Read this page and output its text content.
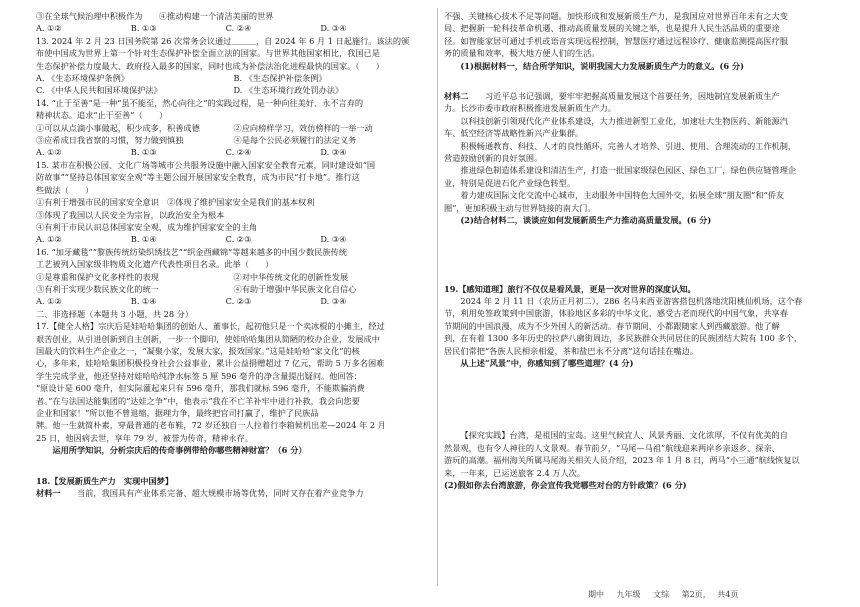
③在全球气候治理中积极作为　　④推动构建一个清洁美丽的世界

A. ①②	B. ①③	C. ②④	D. ③④

13. 2024 年 2 月 23 日国务院第 26 次常务会议通过＿＿＿，自 2024 年 6 月 1 日起施行。该法的颁

布使中国成为世界上第一个针对生态保护补偿全面立法的国家。与世界其他国家相比，我国已是

生态保护补偿力度最大、政府投入最多的国家，同时也成为补偿法治化进程最快的国家。（　　）

A. 《生态环境保护条例》	B. 《生态保护补偿条例》
C. 《中华人民共和国环境保护法》	D. 《生态环境行政处罚办法》

14. “止于至善”是一种“虽不能至，然心向往之”的实践过程，是一种向往美好、永不言弃的

精神状态。追求“止于至善”（　　）

①可以从点滴小事做起，积少成多，积善成德	②应向榜样学习，效仿榜样的一举一动
③应希成日我省察的习惯，努力做到慎独	④是每个公民必须履行的法定义务
A. ①②	B. ①③	C. ②④	D. ③④

15. 某市在积极公园、文化广场等城市公共服务设施中融入国家安全教育元素，同时建设如“国

防故事”“坚持总体国家安全观”等主题公园开展国家安全教育，成为市民“打卡地”。推行这

些做法（　　）

①有利于增强市民的国家安全意识　②体现了维护国家安全是我们的基本权利

③体现了我国以人民安全为宗旨，以政治安全为根本

④有利于市民认识总体国家安全观，成为维护国家安全的主角

A. ①②	B. ①④	C. ②③	D. ③④

16. “加牙藏毯”“黎族传统纺染织绣技艺”“织金酉藏锦”等越来越多的中国少数民族传统

工艺被列入国家级非物质文化遗产代表性项目名录。此举（　　）

①是尊重和保护文化多样性的表现	②对中华传统文化的创新性发展
③有利于实现少数民族文化的统一	④有助于增强中华民族文化自信心
A. ①②	B. ①④	C. ②③	D. ③④

二、非选择题（本题共 3 小题，共 28 分）

17.【健全人格】宗庆后是娃哈哈集团的创始人、董事长，起初他只是一个卖冰棍的小摊主，经过

艰苦创业，从引进创新到自主创新，一步一个脚印，使娃哈哈集团从简陋的校办企业，发展成中

国最大的饮料生产企业之一，“凝聚小家，发展大家，报效国家。”这是娃哈哈“家文化”的核

心，多年来，娃哈哈集团积极投身社会公益事业，累计公益捐赠超过 7 亿元，帮助 5 万多名困难

学生完成学业，他还坚持对娃哈哈纯净水标签 5 厘 596 毫升的净含量提出疑问。他回答：

“原设计是 600 毫升，但实际灌起来只有 596 毫升，那我们就标 596 毫升，不能欺骗消费

者。”在与法国达能集团的“达娃之争”中，他表示“我在不亡羊补牢中进行补救，我会向您要

企业和国家！”所以他不曾退缩，据理力争，最终把官司打赢了，维护了民族品

牌。他一生就简朴素，穿最普通的老布鞋，72 岁还独自一人拉着行李箱候机出差—2024 年 2 月

25 日，他因病去世，享年 79 岁，被誉为传奇，精神永存。

运用所学知识，分析宗庆后的传奇事例带给你哪些精神财富？（6 分）

18.【发展新质生产力　实现中国梦】

材料一　　 当前，我国具有产业体系完备、超大规模市场等优势，同时又存在着产业竞争力

不强、关键核心技术不足等问题。加快形成和发展新质生产力，是我国应对世界百年未有之大变

局、把握新一轮科技革命机遇、推动高质量发展的关键之举，也是提升人民生活品质的重要途

径。如智能家居可通过手机或语音实现远程控制，智慧医疗通过远程诊疗、健康监测提高医疗服

务的质量和效率，极大地方便人们的生活。

(1)根据材料一，结合所学知识，说明我国大力发展新质生产力的意义。(6 分)

材料二　　 习近平总书记强调，要牢牢把握高质量发展这个首要任务，因地制宜发展新质生产

力。长沙市委市政府积极推进发展新质生产力。

以科技创新引领现代化产业体系建设，大力推进新型工业化，加速壮大生物医药、新能源汽

车、低空经济等战略性新兴产业集群。

积极畅通教育、科技、人才的良性循环，完善人才培养、引进、使用、合理流动的工作机制，

营造鼓励创新的良好氛围。

推进绿色制造体系建设和清洁生产，打造一批国家级绿色园区、绿色工厂，绿色供应链管理企

业，特别是促进石化产业绿色转型。

着力建成国际文化交流中心城市，主动服务中国特色大国外交，拓展全球“朋友圈”和“侨友

圈”，更加积极主动与世界链接的南大门。

(2)结合材料二，谈谈应如何发展新质生产力推动高质量发展。(6 分)

19.【感知道理】旅行不仅仅是看风景，更是一次对世界的深度认知。

2024 年 2 月 11 日（农历正月初二），286 名马来西亚游客搭包机落地沈阳桃仙机场，这个春

节，利用免签政策到中国旅游，体验地区多彩的中华文化，感受古老而现代的中国气象，共享春

节期间的中国浪漫，成为不少外国人的新活动。春节期间，小都跟随家人到西藏旅游。他了解

到，在有着 1300 多年历史的拉萨八廓街周边，多民族群众共同居住的民族团结大院有 100 多个，

居民们常把“各族人民相亲相爱，茶和盐巴永不分离”这句话挂在嘴边。

从上述“风景”中，你感知到了哪些道理？(4 分)

【探究实践】台湾，是祖国的宝岛。这里气候宜人、风景秀丽、文化浓厚，不仅有优美的自

然景观，也有令人神往的人文景观。春节前夕，“马尾—马祖”航线迎来两岸乡亲返乡、探亲、

游玩的高潮。福州海关所属马尾海关相关人员介绍，2023 年 1 月 8 日，两马“小三通”航线恢复以

来，一年来，已运送旅客 2.4 万人次。

(2)假如你去台湾旅游，你会宣传我党哪些对台的方针政策？(6 分)

期中 九年级 文综 第2页， 共4页
